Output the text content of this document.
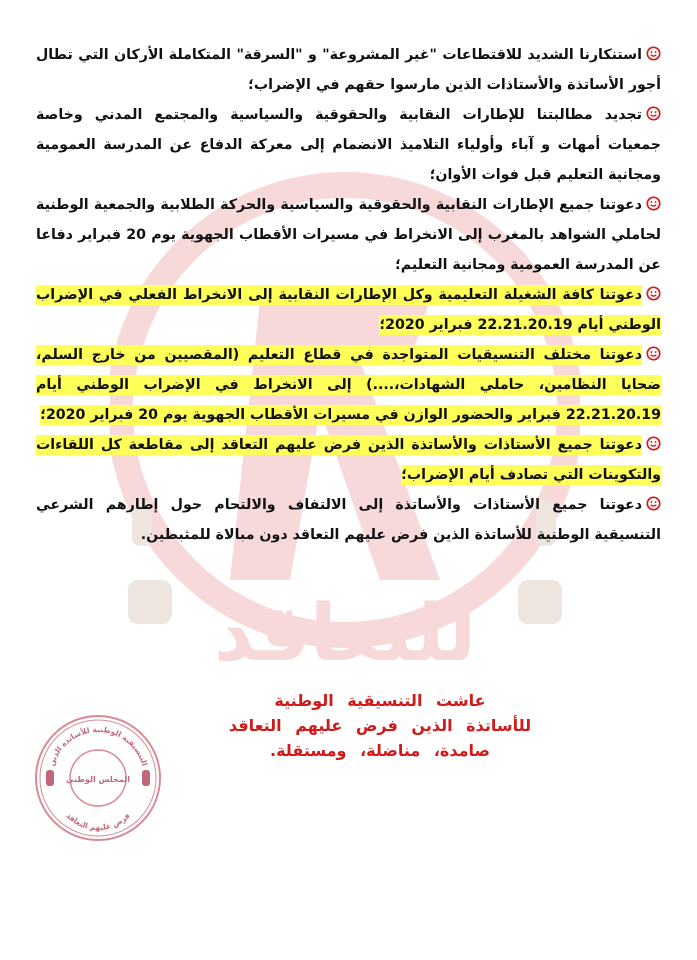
للتعاقد

استنكارنا الشديد للاقتطاعات "غير المشروعة" و "السرقة" المتكاملة الأركان التي تطال أجور الأساتذة والأستاذات الذين مارسوا حقهم في الإضراب؛

تجديد مطالبتنا للإطارات النقابية والحقوقية والسياسية والمجتمع المدني وخاصة جمعيات أمهات و آباء وأولياء التلاميذ الانضمام إلى معركة الدفاع عن المدرسة العمومية ومجانية التعليم قبل فوات الأوان؛

دعوتنا جميع الإطارات النقابية والحقوقية والسياسية والحركة الطلابية والجمعية الوطنية لحاملي الشواهد بالمغرب إلى الانخراط في مسيرات الأقطاب الجهوية يوم 20 فبراير دفاعا عن المدرسة العمومية ومجانية التعليم؛

دعوتنا كافة الشغيلة التعليمية وكل الإطارات النقابية إلى الانخراط الفعلي في الإضراب الوطني أيام 22.21.20.19 فبراير 2020؛

دعوتنا مختلف التنسيقيات المتواجدة في قطاع التعليم (المقصيين من خارج السلم، ضحايا النظامين، حاملي الشهادات،....) إلى الانخراط في الإضراب الوطني أيام 22.21.20.19 فبراير والحضور الوازن في مسيرات الأقطاب الجهوية يوم 20 فبراير 2020؛

دعوتنا جميع الأستاذات والأساتذة الذين فرض عليهم التعاقد إلى مقاطعة كل اللقاءات والتكوينات التي تصادف أيام الإضراب؛

دعوتنا جميع الأستاذات والأساتذة إلى الالتفاف والالتحام حول إطارهم الشرعي التنسيقية الوطنية للأساتذة الذين فرض عليهم التعاقد دون مبالاة للمثبطين.

عاشت التنسيقية الوطنية
للأساتذة الذين فرض عليهم التعاقد
صامدة، مناضلة، ومستقلة.
التنسيقية الوطنية للأساتذة الذين
فرض عليهم التعاقد
المجلس الوطني
